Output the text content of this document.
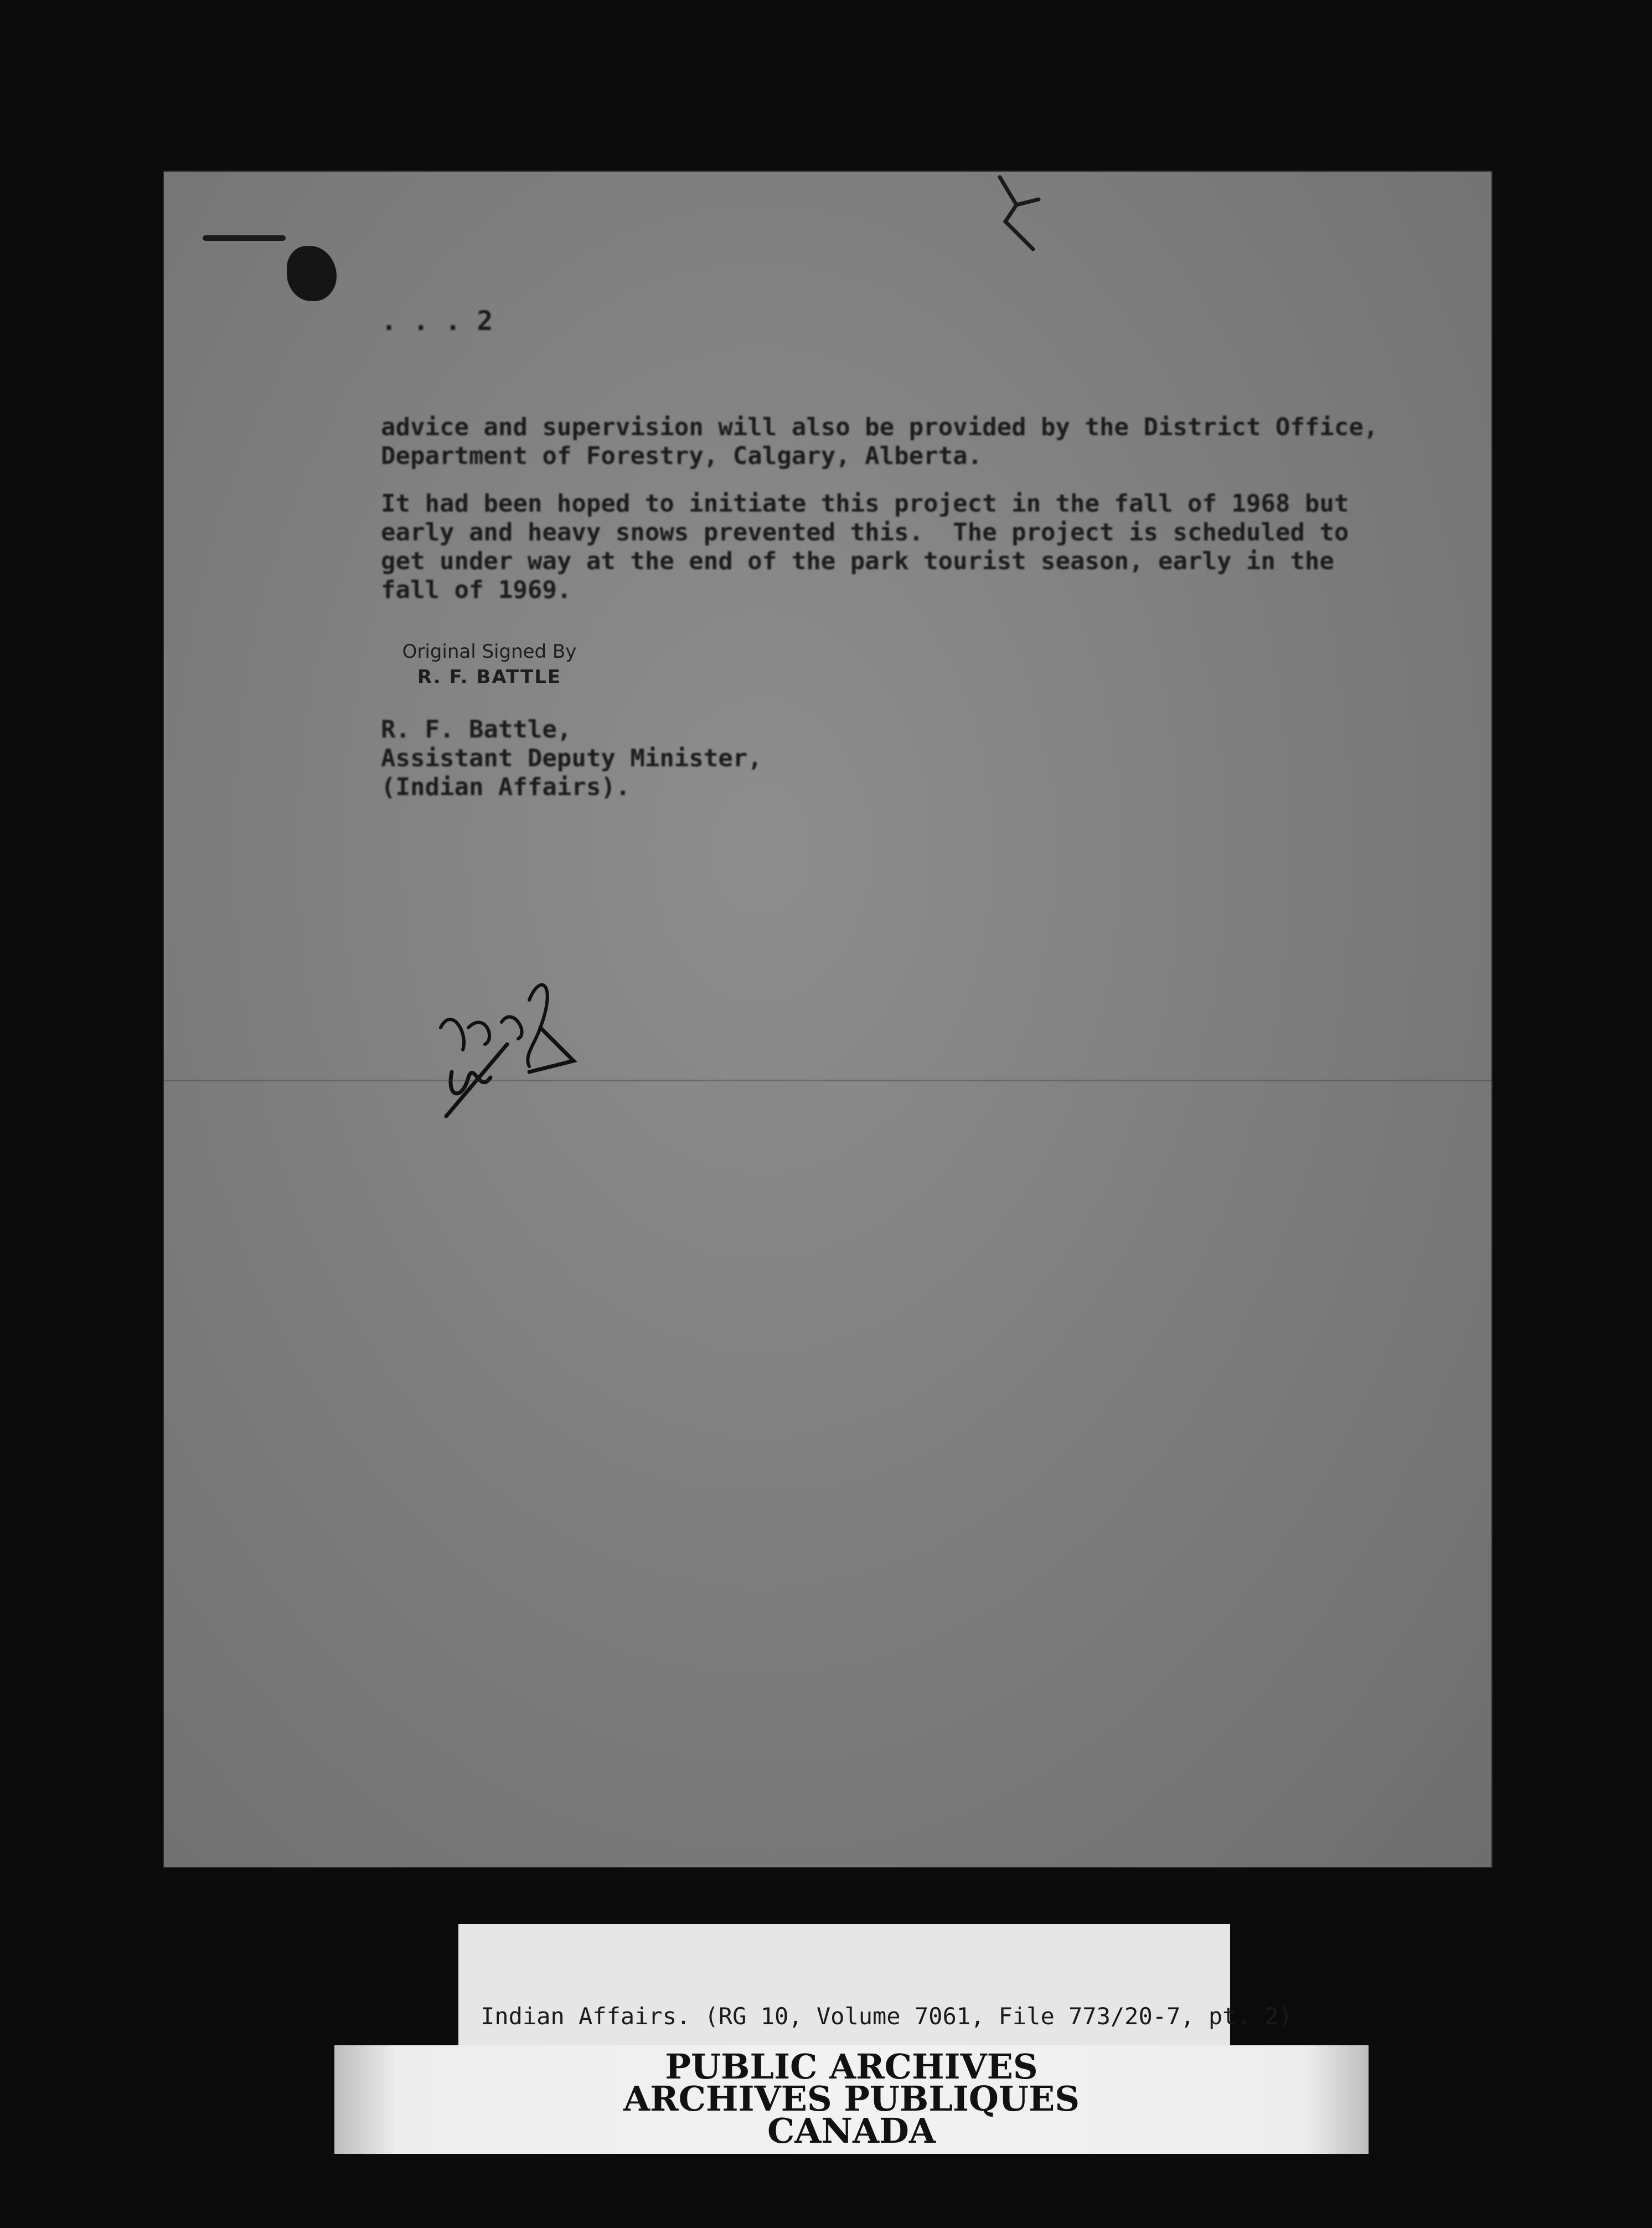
. . . 2
advice and supervision will also be provided by the District Office,
Department of Forestry, Calgary, Alberta.
It had been hoped to initiate this project in the fall of 1968 but
early and heavy snows prevented this.  The project is scheduled to
get under way at the end of the park tourist season, early in the
fall of 1969.
Original Signed By
R. F. BATTLE
R. F. Battle,
Assistant Deputy Minister,
(Indian Affairs).
Indian Affairs. (RG 10, Volume 7061, File 773/20-7, pt. 2)
PUBLIC ARCHIVES
ARCHIVES PUBLIQUES
CANADA
